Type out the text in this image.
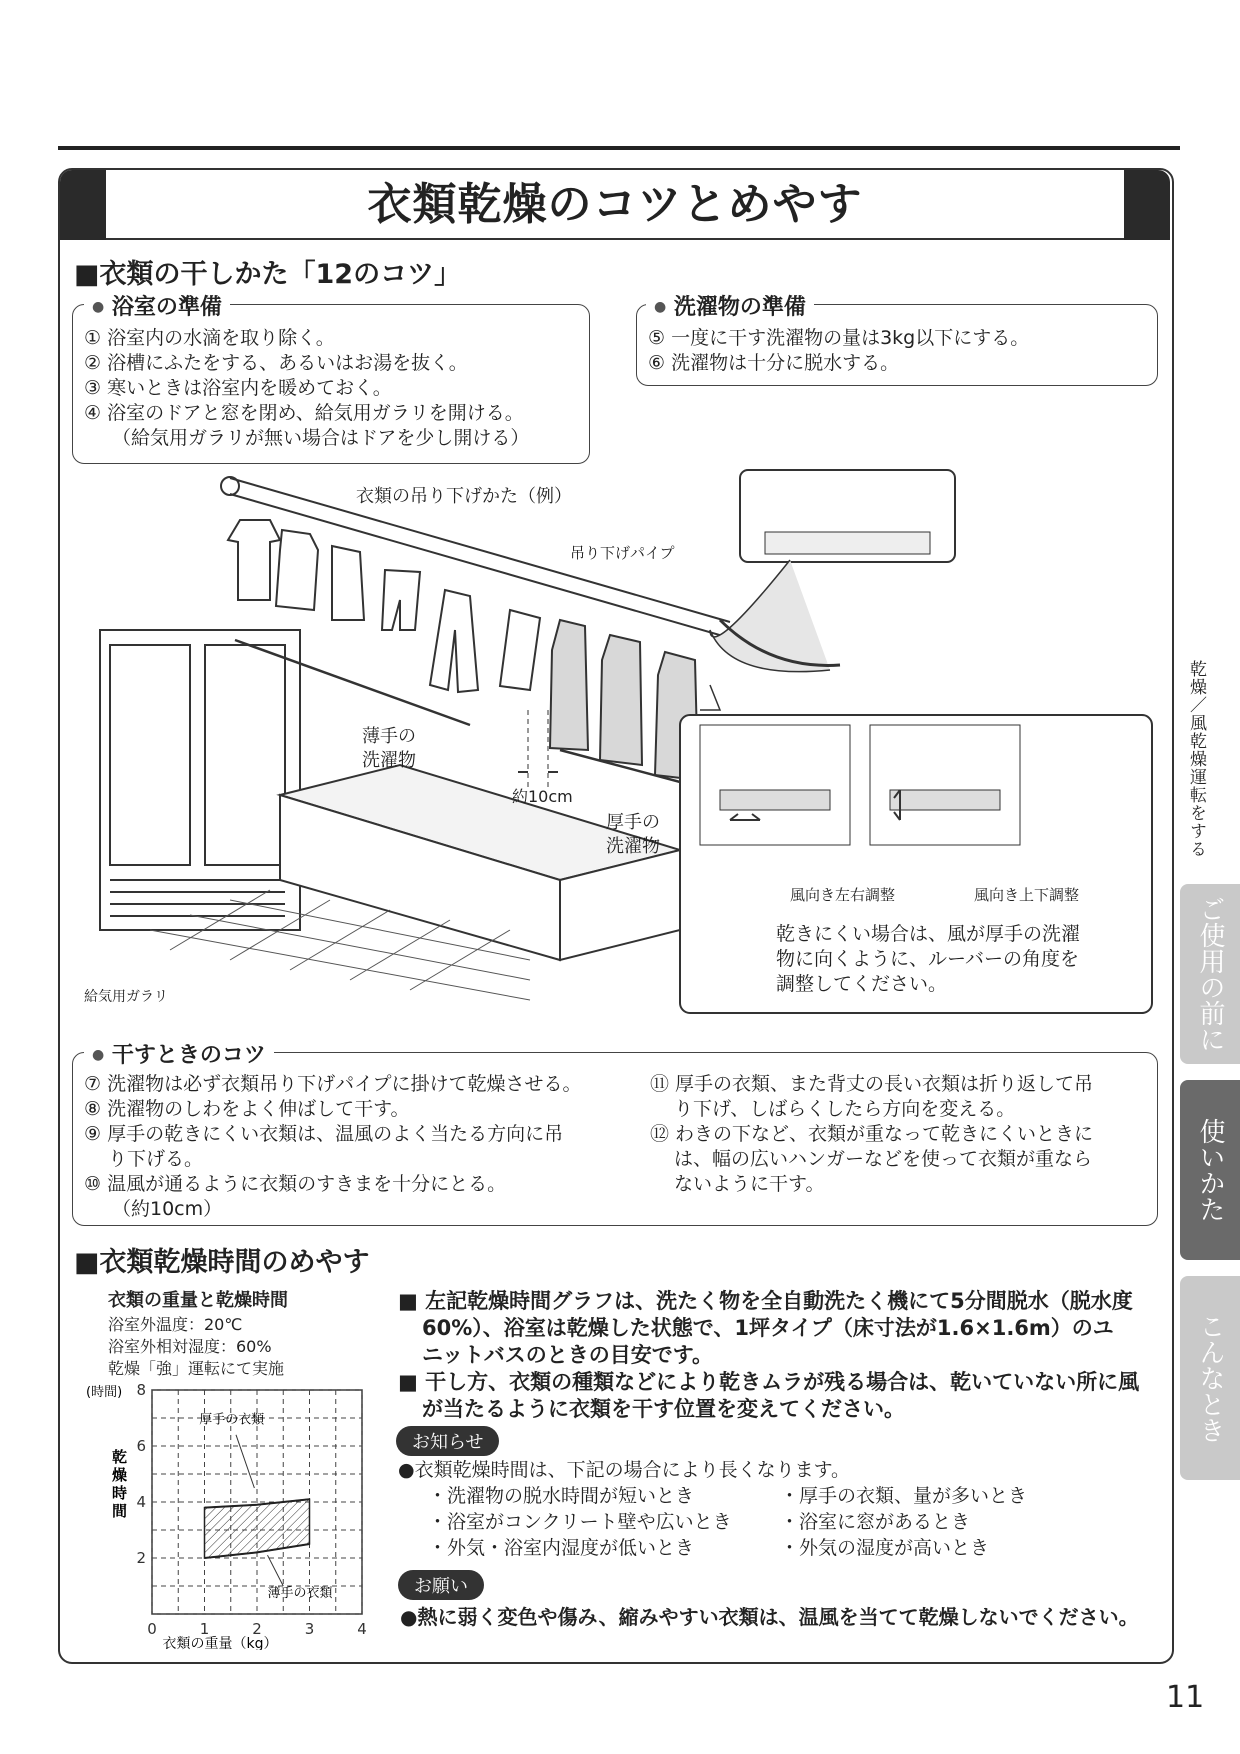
衣類乾燥のコツとめやす
■衣類の干しかた「12のコツ」
● 浴室の準備
① 浴室内の水滴を取り除く。
② 浴槽にふたをする、あるいはお湯を抜く。
③ 寒いときは浴室内を暖めておく。
④ 浴室のドアと窓を閉め、給気用ガラリを開ける。
（給気用ガラリが無い場合はドアを少し開ける）
● 洗濯物の準備
⑤ 一度に干す洗濯物の量は3kg以下にする。
⑥ 洗濯物は十分に脱水する。
衣類の吊り下げかた（例）
吊り下げパイプ
薄手の
洗濯物
約10cm
厚手の
洗濯物
給気用ガラリ
風向き左右調整	風向き上下調整
乾きにくい場合は、風が厚手の洗濯
物に向くように、ルーバーの角度を
調整してください。
● 干すときのコツ
⑦ 洗濯物は必ず衣類吊り下げパイプに掛けて乾燥させる。
⑧ 洗濯物のしわをよく伸ばして干す。
⑨ 厚手の乾きにくい衣類は、温風のよく当たる方向に吊
り下げる。
⑩ 温風が通るように衣類のすきまを十分にとる。
（約10cm）
⑪ 厚手の衣類、また背丈の長い衣類は折り返して吊
り下げ、しばらくしたら方向を変える。
⑫ わきの下など、衣類が重なって乾きにくいときに
は、幅の広いハンガーなどを使って衣類が重なら
ないように干す。
■衣類乾燥時間のめやす
衣類の重量と乾燥時間
浴室外温度：20℃
浴室外相対湿度：60%
乾燥「強」運転にて実施
0	1	2	3	4
2
4
6
8
(時間)
衣類の重量（kg）
乾燥時間
厚手の衣類
薄手の衣類
■ 左記乾燥時間グラフは、洗たく物を全自動洗たく機にて5分間脱水（脱水度
60%）、浴室は乾燥した状態で、1坪タイプ（床寸法が1.6×1.6m）のユ
ニットバスのときの目安です。
■ 干し方、衣類の種類などにより乾きムラが残る場合は、乾いていない所に風
が当たるように衣類を干す位置を変えてください。
お知らせ
●衣類乾燥時間は、下記の場合により長くなります。
・洗濯物の脱水時間が短いとき
・浴室がコンクリート壁や広いとき
・外気・浴室内湿度が低いとき
・厚手の衣類、量が多いとき
・浴室に窓があるとき
・外気の湿度が高いとき
お願い
●熱に弱く変色や傷み、縮みやすい衣類は、温風を当てて乾燥しないでください。
乾燥／風乾燥運転をする
ご使用の前に
使いかた
こんなとき
11
